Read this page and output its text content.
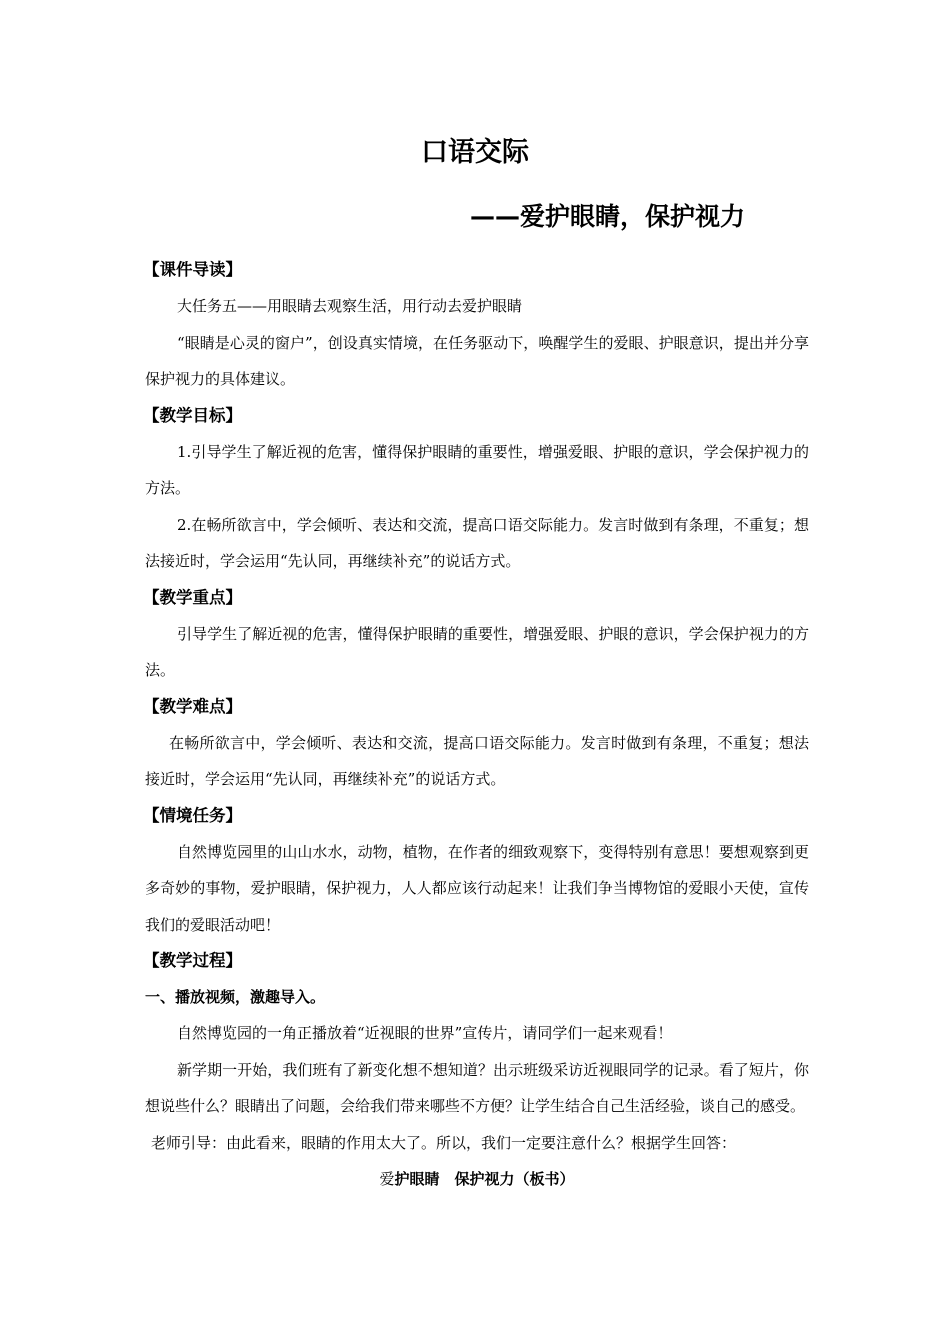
口语交际
——爱护眼睛，保护视力
【课件导读】

大任务五——用眼睛去观察生活，用行动去爱护眼睛

“眼睛是心灵的窗户”，创设真实情境，在任务驱动下，唤醒学生的爱眼、护眼意识，提出并分享保护视力的具体建议。

【教学目标】

1.引导学生了解近视的危害，懂得保护眼睛的重要性，增强爱眼、护眼的意识，学会保护视力的方法。

2.在畅所欲言中，学会倾听、表达和交流，提高口语交际能力。发言时做到有条理，不重复；想法接近时，学会运用“先认同，再继续补充”的说话方式。

【教学重点】

引导学生了解近视的危害，懂得保护眼睛的重要性，增强爱眼、护眼的意识，学会保护视力的方法。

【教学难点】

在畅所欲言中，学会倾听、表达和交流，提高口语交际能力。发言时做到有条理，不重复；想法接近时，学会运用“先认同，再继续补充”的说话方式。

【情境任务】

自然博览园里的山山水水，动物，植物，在作者的细致观察下，变得特别有意思！要想观察到更多奇妙的事物，爱护眼睛，保护视力，人人都应该行动起来！让我们争当博物馆的爱眼小天使，宣传我们的爱眼活动吧！

【教学过程】
一、播放视频，激趣导入。

自然博览园的一角正播放着“近视眼的世界”宣传片，请同学们一起来观看！

新学期一开始，我们班有了新变化想不想知道？出示班级采访近视眼同学的记录。看了短片，你想说些什么？眼睛出了问题，会给我们带来哪些不方便？让学生结合自己生活经验，谈自己的感受。

老师引导：由此看来，眼睛的作用太大了。所以，我们一定要注意什么？根据学生回答：

爱护眼睛　保护视力（板书）
